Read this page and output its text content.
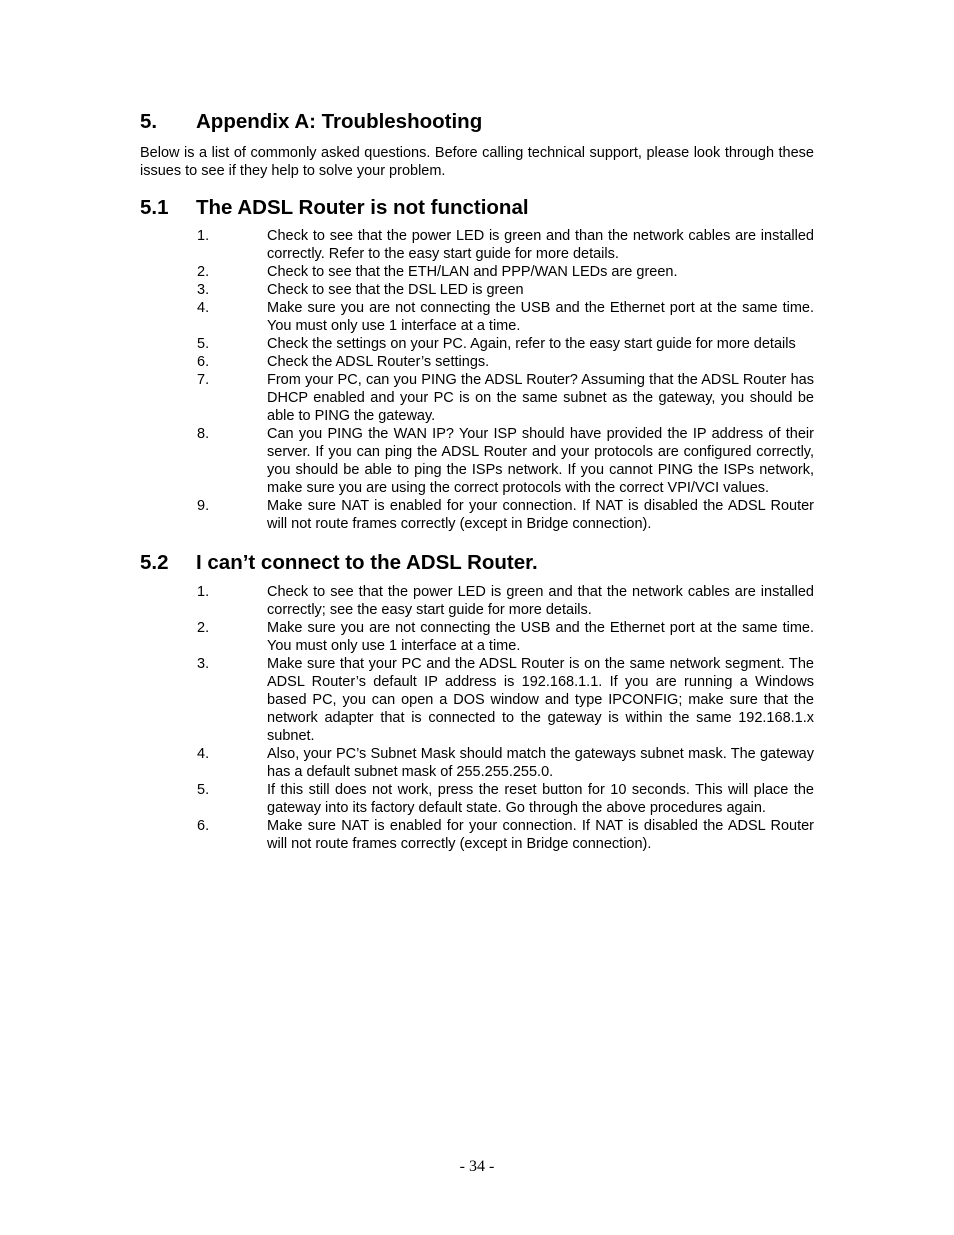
5.	Appendix A: Troubleshooting

Below is a list of commonly asked questions. Before calling technical support, please look through these issues to see if they help to solve your problem.

5.1	The ADSL Router is not functional
1.	Check to see that the power LED is green and than the network cables are installed correctly. Refer to the easy start guide for more details.
2.	Check to see that the ETH/LAN and PPP/WAN LEDs are green.
3.	Check to see that the DSL LED is green
4.	Make sure you are not connecting the USB and the Ethernet port at the same time. You must only use 1 interface at a time.
5.	Check the settings on your PC. Again, refer to the easy start guide for more details
6.	Check the ADSL Router’s settings.
7.	From your PC, can you PING the ADSL Router? Assuming that the ADSL Router has DHCP enabled and your PC is on the same subnet as the gateway, you should be able to PING the gateway.
8.	Can you PING the WAN IP? Your ISP should have provided the IP address of their server. If you can ping the ADSL Router and your protocols are configured correctly, you should be able to ping the ISPs network. If you cannot PING the ISPs network, make sure you are using the correct protocols with the correct VPI/VCI values.
9.	Make sure NAT is enabled for your connection. If NAT is disabled the ADSL Router will not route frames correctly (except in Bridge connection).
5.2	I can’t connect to the ADSL Router.
1.	Check to see that the power LED is green and that the network cables are installed correctly; see the easy start guide for more details.
2.	Make sure you are not connecting the USB and the Ethernet port at the same time. You must only use 1 interface at a time.
3.	Make sure that your PC and the ADSL Router is on the same network segment. The ADSL Router’s default IP address is 192.168.1.1. If you are running a Windows based PC, you can open a DOS window and type IPCONFIG; make sure that the network adapter that is connected to the gateway is within the same 192.168.1.x subnet.
4.	Also, your PC’s Subnet Mask should match the gateways subnet mask. The gateway has a default subnet mask of 255.255.255.0.
5.	If this still does not work, press the reset button for 10 seconds. This will place the gateway into its factory default state. Go through the above procedures again.
6.	Make sure NAT is enabled for your connection. If NAT is disabled the ADSL Router will not route frames correctly (except in Bridge connection).
- 34 -
